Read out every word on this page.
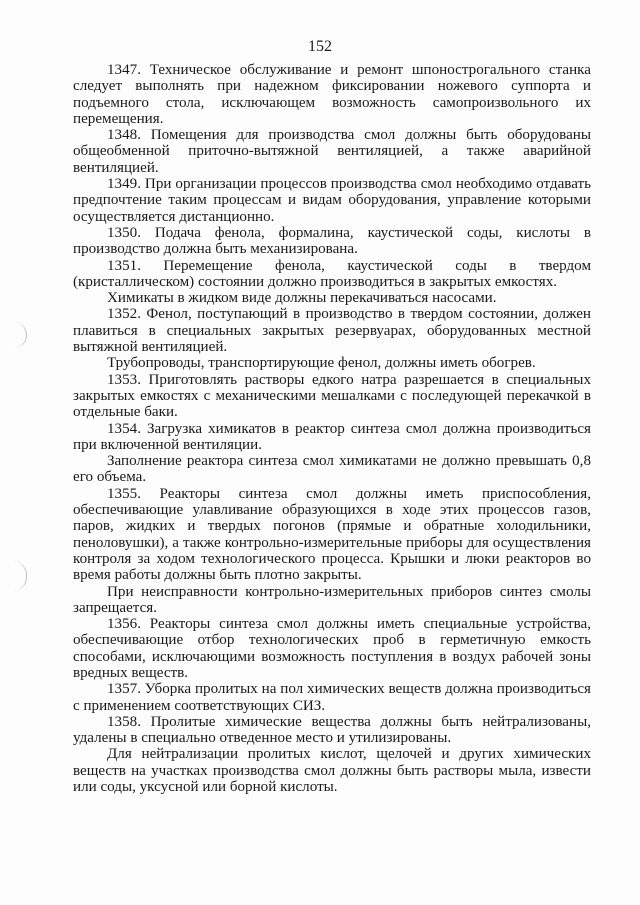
152

1347. Техническое обслуживание и ремонт шпонострогального станка следует выполнять при надежном фиксировании ножевого суппорта и подъемного стола, исключающем возможность самопроизвольного их перемещения.

1348. Помещения для производства смол должны быть оборудованы общеобменной приточно-вытяжной вентиляцией, а также аварийной вентиляцией.

1349. При организации процессов производства смол необходимо отдавать предпочтение таким процессам и видам оборудования, управление которыми осуществляется дистанционно.

1350. Подача фенола, формалина, каустической соды, кислоты в производство должна быть механизирована.

1351. Перемещение фенола, каустической соды в твердом (кристаллическом) состоянии должно производиться в закрытых емкостях.

Химикаты в жидком виде должны перекачиваться насосами.

1352. Фенол, поступающий в производство в твердом состоянии, должен плавиться в специальных закрытых резервуарах, оборудованных местной вытяжной вентиляцией.

Трубопроводы, транспортирующие фенол, должны иметь обогрев.

1353. Приготовлять растворы едкого натра разрешается в специальных закрытых емкостях с механическими мешалками с последующей перекачкой в отдельные баки.

1354. Загрузка химикатов в реактор синтеза смол должна производиться при включенной вентиляции.

Заполнение реактора синтеза смол химикатами не должно превышать 0,8 его объема.

1355. Реакторы синтеза смол должны иметь приспособления, обеспечивающие улавливание образующихся в ходе этих процессов газов, паров, жидких и твердых погонов (прямые и обратные холодильники, пеноловушки), а также контрольно-измерительные приборы для осуществления контроля за ходом технологического процесса. Крышки и люки реакторов во время работы должны быть плотно закрыты.

При неисправности контрольно-измерительных приборов синтез смолы запрещается.

1356. Реакторы синтеза смол должны иметь специальные устройства, обеспечивающие отбор технологических проб в герметичную емкость способами, исключающими возможность поступления в воздух рабочей зоны вредных веществ.

1357. Уборка пролитых на пол химических веществ должна производиться с применением соответствующих СИЗ.

1358. Пролитые химические вещества должны быть нейтрализованы, удалены в специально отведенное место и утилизированы.

Для нейтрализации пролитых кислот, щелочей и других химических веществ на участках производства смол должны быть растворы мыла, извести или соды, уксусной или борной кислоты.
